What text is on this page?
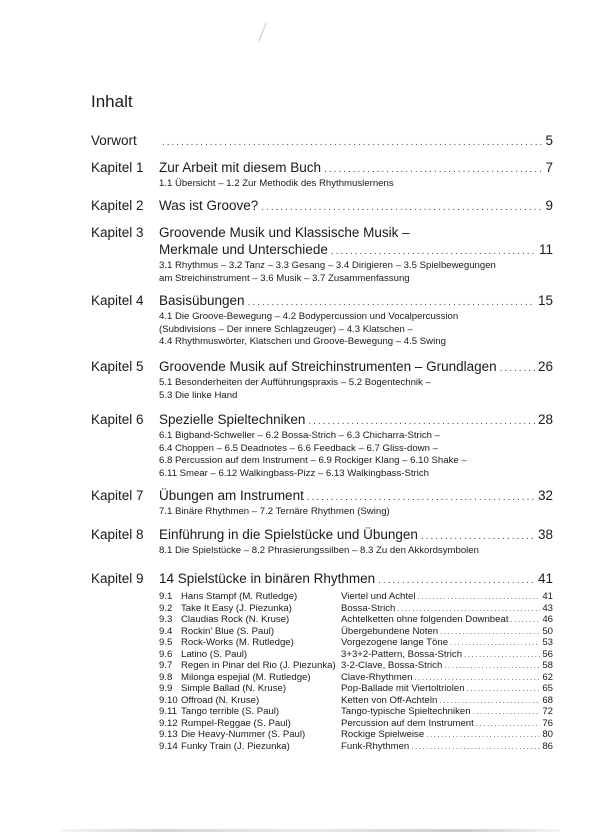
Inhalt
Vorwort .....	5
Kapitel 1	Zur Arbeit mit diesem Buch .....	7
1.1 Übersicht – 1.2 Zur Methodik des Rhythmuslernens
Kapitel 2	Was ist Groove? .....	9
Kapitel 3	Groovende Musik und Klassische Musik –
Merkmale und Unterschiede .....	11
3.1 Rhythmus – 3.2 Tanz – 3.3 Gesang – 3.4 Dirigieren – 3.5 Spielbewegungen
am Streichinstrument – 3.6 Musik – 3.7 Zusammenfassung
Kapitel 4	Basisübungen .....	15
4.1 Die Groove-Bewegung – 4.2 Bodypercussion und Vocalpercussion
(Subdivisions – Der innere Schlagzeuger) – 4.3 Klatschen –
4.4 Rhythmuswörter, Klatschen und Groove-Bewegung – 4.5 Swing
Kapitel 5	Groovende Musik auf Streichinstrumenten – Grundlagen .....	26
5.1 Besonderheiten der Aufführungspraxis – 5.2 Bogentechnik –
5.3 Die linke Hand
Kapitel 6	Spezielle Spieltechniken .....	28
6.1 Bigband-Schweller – 6.2 Bossa-Strich – 6.3 Chicharra-Strich –
6.4 Choppen – 6.5 Deadnotes – 6.6 Feedback – 6.7 Gliss-down –
6.8 Percussion auf dem Instrument – 6.9 Rockiger Klang – 6.10 Shake –
6.11 Smear – 6.12 Walkingbass-Pizz – 6.13 Walkingbass-Strich
Kapitel 7	Übungen am Instrument .....	32
7.1 Binäre Rhythmen – 7.2 Ternäre Rhythmen (Swing)
Kapitel 8	Einführung in die Spielstücke und Übungen .....	38
8.1 Die Spielstücke – 8.2 Phrasierungssilben – 8.3 Zu den Akkordsymbolen
Kapitel 9	14 Spielstücke in binären Rhythmen .....	41
9.1 Hans Stampf (M. Rutledge)	Viertel und Achtel .....	41
9.2 Take It Easy (J. Piezunka)	Bossa-Strich .....	43
9.3 Claudias Rock (N. Kruse)	Achtelketten ohne folgenden Downbeat .....	46
9.4 Rockin' Blue (S. Paul)	Übergebundene Noten .....	50
9.5 Rock-Works (M. Rutledge)	Vorgezogene lange Töne .....	53
9.6 Latino (S. Paul)	3+3+2-Pattern, Bossa-Strich .....	56
9.7 Regen in Pinar del Rio (J. Piezunka) 3-2-Clave, Bossa-Strich .....	58
9.8 Milonga espejial (M. Rutledge)	Clave-Rhythmen .....	62
9.9 Simple Ballad (N. Kruse)	Pop-Ballade mit Viertoltriolen .....	65
9.10 Offroad (N. Kruse)	Ketten von Off-Achteln .....	68
9.11 Tango terrible (S. Paul)	Tango-typische Spieltechniken .....	72
9.12 Rumpel-Reggae (S. Paul)	Percussion auf dem Instrument .....	76
9.13 Die Heavy-Nummer (S. Paul)	Rockige Spielweise .....	80
9.14 Funky Train (J. Piezunka)	Funk-Rhythmen .....	86
